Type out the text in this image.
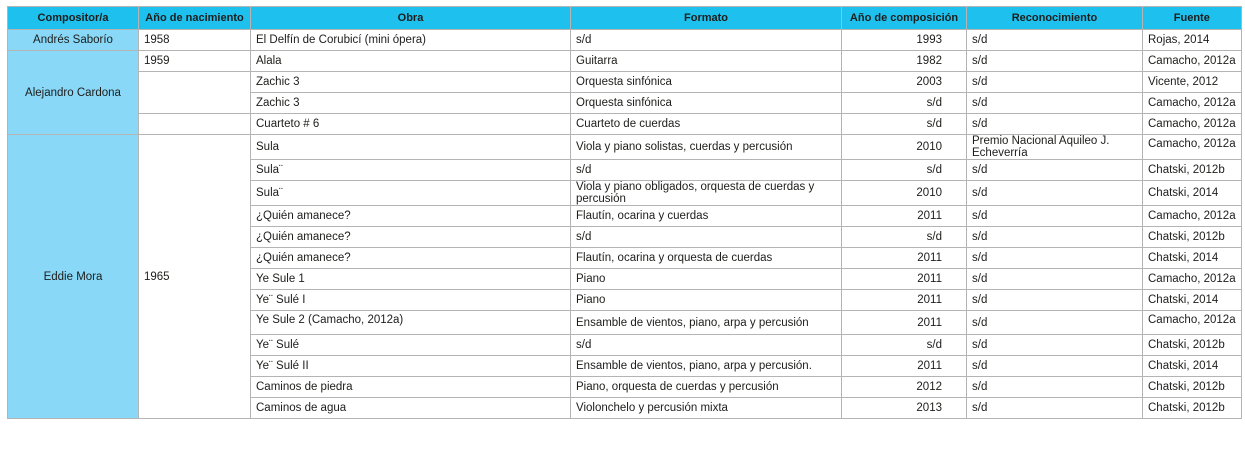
Compositor/a	Año de nacimiento	Obra	Formato	Año de composición	Reconocimiento	Fuente
Andrés Saborío	1958	El Delfín de Corubicí (mini ópera)	s/d	1993	s/d	Rojas, 2014
Alejandro Cardona	1959	Alala	Guitarra	1982	s/d	Camacho, 2012a
		Zachic 3	Orquesta sinfónica	2003	s/d	Vicente, 2012
		Zachic 3	Orquesta sinfónica	s/d	s/d	Camacho, 2012a
		Cuarteto # 6	Cuarteto de cuerdas	s/d	s/d	Camacho, 2012a
Eddie Mora	1965	Sula	Viola y piano solistas, cuerdas y percusión	2010	Premio Nacional Aquileo J. Echeverría	Camacho, 2012a
		Sula¨	s/d	s/d	s/d	Chatski, 2012b
		Sula¨	Viola y piano obligados, orquesta de cuerdas y percusión	2010	s/d	Chatski, 2014
		¿Quién amanece?	Flautín, ocarina y cuerdas	2011	s/d	Camacho, 2012a
		¿Quién amanece?	s/d	s/d	s/d	Chatski, 2012b
		¿Quién amanece?	Flautín, ocarina y orquesta de cuerdas	2011	s/d	Chatski, 2014
		Ye Sule 1	Piano	2011	s/d	Camacho, 2012a
		Ye¨ Sulé I	Piano	2011	s/d	Chatski, 2014
		Ye Sule 2 (Camacho, 2012a)	Ensamble de vientos, piano, arpa y percusión	2011	s/d	Camacho, 2012a
		Ye¨ Sulé	s/d	s/d	s/d	Chatski, 2012b
		Ye¨ Sulé II	Ensamble de vientos, piano, arpa y percusión.	2011	s/d	Chatski, 2014
		Caminos de piedra	Piano, orquesta de cuerdas y percusión	2012	s/d	Chatski, 2012b
		Caminos de agua	Violonchelo y percusión mixta	2013	s/d	Chatski, 2012b
